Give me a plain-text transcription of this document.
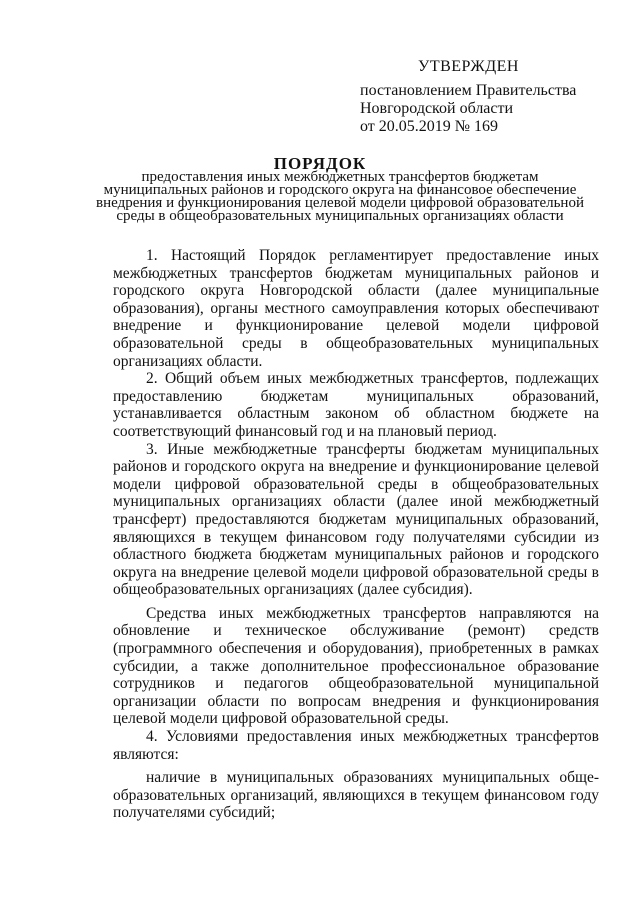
УТВЕРЖДЕН
постановлением Правительства
Новгородской области
от 20.05.2019 № 169
ПОРЯДОК
предоставления иных межбюджетных трансфертов бюджетам
муниципальных районов и городского округа на финансовое обеспечение
внедрения и функционирования целевой модели цифровой образовательной
среды в общеобразовательных муниципальных организациях области

1. Настоящий Порядок регламентирует предоставление иных межбюджетных трансфертов бюджетам муниципальных районов и городского округа Новгородской области (далее муниципальные образования), органы местного самоуправления которых обеспечивают внедрение и функционирование целевой модели цифровой образовательной среды в общеобразовательных муниципальных организациях области.

2. Общий объем иных межбюджетных трансфертов, подлежащих предоставлению бюджетам муниципальных образований, устанавливается областным законом об областном бюджете на соответствующий финансовый год и на плановый период.

3. Иные межбюджетные трансферты бюджетам муниципальных районов и городского округа на внедрение и функционирование целевой модели цифровой образовательной среды в общеобразовательных муниципальных организациях области (далее иной межбюджетный трансферт) предоставляются бюджетам муниципальных образований, являющихся в текущем финансовом году получателями субсидии из областного бюджета бюджетам муниципальных районов и городского округа на внедрение целевой модели цифровой образовательной среды в общеобразовательных организациях (далее субсидия).

Средства иных межбюджетных трансфертов направляются на обновление и техническое обслуживание (ремонт) средств (программного обеспечения и оборудования), приобретенных в рамках субсидии, а также дополнительное профессиональное образование сотрудников и педагогов общеобразовательной муниципальной организации области по вопросам внедрения и функционирования целевой модели цифровой образовательной среды.

4. Условиями предоставления иных межбюджетных трансфертов являются:

наличие в муниципальных образованиях муниципальных обще-образовательных организаций, являющихся в текущем финансовом году получателями субсидий;
